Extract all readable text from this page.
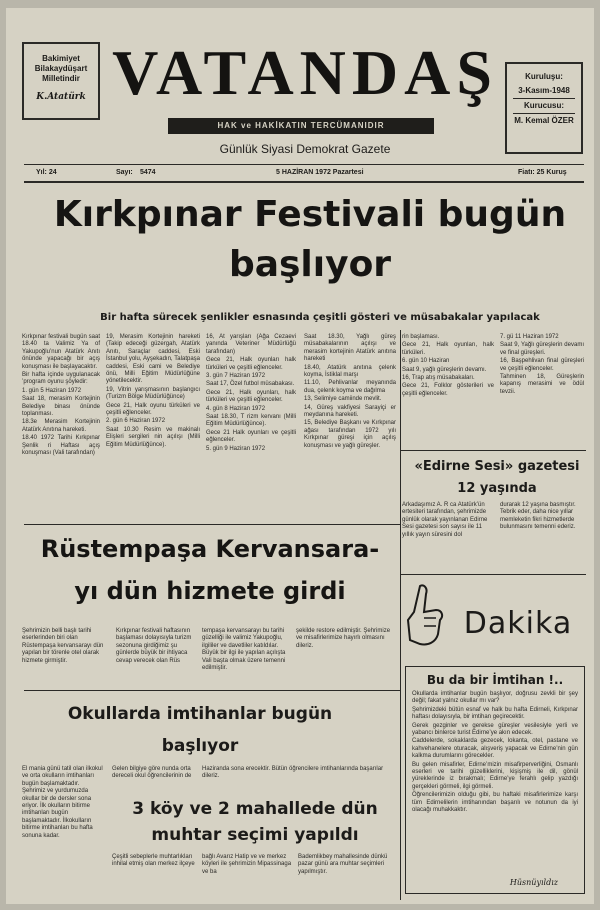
Bakimiyet
Bilakaydüşart
Milletindir
K.Atatürk VATANDAŞ
HAK ve HAKİKATIN TERCÜMANIDIR
Günlük Siyasi Demokrat Gazete
Kuruluşu:
3-Kasım-1948
Kurucusu:
M. Kemal ÖZER
Yıl: 24	Sayı: 5474	5 HAZİRAN 1972 Pazartesi	Fiatı: 25 Kuruş
Kırkpınar Festivali bugün
başlıyor
Bir hafta sürecek şenlikler esnasında çeşitli gösteri ve müsabakalar yapılacak

Kırkpınar festivali bugün saat 18.40 ta Valimiz Ya of Yakupoğlu’nun Atatürk Anıtı önünde yapacağı bir açış konuşması ile başlayacaktır.

Bir hafta içinde uygulanacak ’program oyunu şöyledir:

1. gün 5 Haziran 1972

Saat 18, merasim Kortejinin Belediye binası önünde toplanması.

18.3e Merasim Kortejinin Atatürk Anıtına hareketi.

18.40 1972 Tarihi Kırkpınar Şenlik ri Haftası açış konuşması (Vali tarafından)

19, Merasim Kortejinin hareketi (Takip edeceği güzergah, Atatürk Anıtı, Saraçlar caddesi, Eski İstanbul yolu, Ayşekadın, Talatpaşa caddesi, Eski cami ve Belediye önü, Milli Eğitim Müdürlüğüne yönetilecektir.

19, Vitrin yarışmasının başlangıcı (Turizm Bölge Müdürlüğünce)

Gece 21, Halk oyunu türküleri ve çeşitli eğlenceler.

2. gün 6 Haziran 1972

Saat 10.30 Resim ve makinalı Elişleri sergileri nin açılışı (Milli Eğitim Müdürlüğünce).

16, At yarışları (Ağa Cezaevi yanında Veteriner Müdürlüğü tarafından)

Gece 21, Halk oyunları halk türküleri ve çeşitli eğlenceler.

3. gün 7 Haziran 1972

Saat 17, Özel futbol müsabakası.

Gece 21, Halk oyunları, halk türküleri ve çeşitli eğlenceler.

4. gün 8 Haziran 1972

Saat 18.30, T rizm kervanı (Milli Eğitim Müdürlüğünce).

Gece 21 Halk oyunları ve çeşitli eğlenceler.

5. gün 9 Haziran 1972

Saat 18.30, Yağlı güreş müsabakalarının açılışı ve merasim kortejinin Atatürk anıtına hareketi

18.40, Atatürk anıtına çelenk koyma, İstiklal marşı

11.10, Pehlivanlar meyanında dua, çelenk koyma ve dağılma

13, Selimiye camiinde mevlit.

14, Güreş vakfiyesi Sarayiçi er meydanına hareketi.

15, Belediye Başkanı ve Kırkpınar ağası tarafından 1972 yılı Kırkpınar güreşi için açılış konuşması ve yağlı güreşler.

rin başlaması.

Gece 21, Halk oyunları, halk türküleri.

6. gün 10 Haziran

Saat 9, yağlı güreşlerin devamı.

16, Trap atış müsabakaları.

Gece 21, Folklor gösterileri ve çeşitli eğlenceler.

7. gü 11 Haziran 1972

Saat 9, Yağlı güreşlerin devamı ve final güreşleri.

16, Başpehlivan final güreşleri ve çeşitli eğlenceler.

Tahminen 18, Güreşlerin kapanış merasimi ve ödül tevzii.

«Edirne Sesi» gazetesi
12 yaşında
Arkadaşımız A. R ca Atatürk’ün ertesiteri tarafından, şehrimizde günlük olarak yayınlanan Edirne Sesi gazetesi son sayısı ile 11 yıllık yayın süresini dol
durarak 12 yaşına basmıştır. Tebrik eder, daha nice yıllar memleketin fikri hizmetlerde bulunmasını temenni ederiz.
Rüstempaşa Kervansara-
yı dün hizmete girdi
Şehrimizin belli başlı tarihi eserlerinden biri olan Rüstempaşa kervansarayı dün yapılan bir törenle otel olarak hizmete girmiştir.
Kırkpınar festivali haftasının başlaması dolayısıyla turizm sezonuna girdiğimiz şu günlerde büyük bir ihtiyaca cevap verecek olan Rüs
tempaşa kervansarayı bu tarihi güzelliği ile valimiz Yakupoğlu, ilgililer ve davetliler katıldılar. Büyük bir ilgi ile yapılan açılışta Vali başta olmak üzere temenni edilmiştir.
şekilde restore edilmiştir. Şehrimize ve misafirlerimize hayırlı olmasını dileriz.
Okullarda imtihanlar bugün
başlıyor
El mania günü tatil olan ilkokul ve orta okulların imtihanları bugün başlamaktadır. Şehrimiz ve yurdumuzda okullar bir de dersler sona eriyor. İlk okulların bitirme imtihanları bugün başlamaktadır. İlkokulların bitirme imtihanları bu hafta sonuna kadar.
Gelen bilgiye göre nunda orta dereceli okul öğrencilerinin de
Haziranda sona erecektir. Bütün öğrencilere imtihanlarında başarılar dileriz.
3 köy ve 2 mahallede dün
muhtar seçimi yapıldı
Çeşitli sebeplerle muhtarlıkları inhilal etmiş olan merkez ilçeye
bağlı Avarız Hatip ve ve merkez köyleri ile şehrimizin Mipassinaga ve ba
Bademlikbey mahallesinde dünkü pazar günü ara muhtar seçimleri yapılmıştır.
Dakika
Bu da bir İmtihan !..

Okullarda imtihanlar bugün başlıyor, doğrusu zevkli bir şey değil; fakat yalnız okullar mı var?

Şehrimizdeki bütün esnaf ve halk bu hafta Edirneli, Kırkpınar haftası dolayısıyla, bir imtihan geçirecektir.

Gerek gezginler ve gerekse güreşler vesilesiyle yerli ve yabancı binlerce turist Edirne’ye akın edecek.

Caddelerde, sokaklarda gezecek, lokanta, otel, pastane ve kahvehanelere oturacak, alışveriş yapacak ve Edirne’nin gün kalkma durumlarını görecekler.

Bu gelen misafirler, Edirne’mizin misafirperverliğini, Osmanlı eserleri ve tarihi güzelliklerini, kişişmiş ile dil, gönül yüreklerinde iz bırakmalı; Edirne’ye ferahlı gelip yazdığı gerçekleri görmeli, ilgi görmeli.

Öğrencilerimizin olduğu gibi, bu haftaki misafirlerimize karşı tüm Edirnelilerin imtihanından başarılı ve notunun da iyi olacağı muhakkaktır.

Hüsnüyıldız
